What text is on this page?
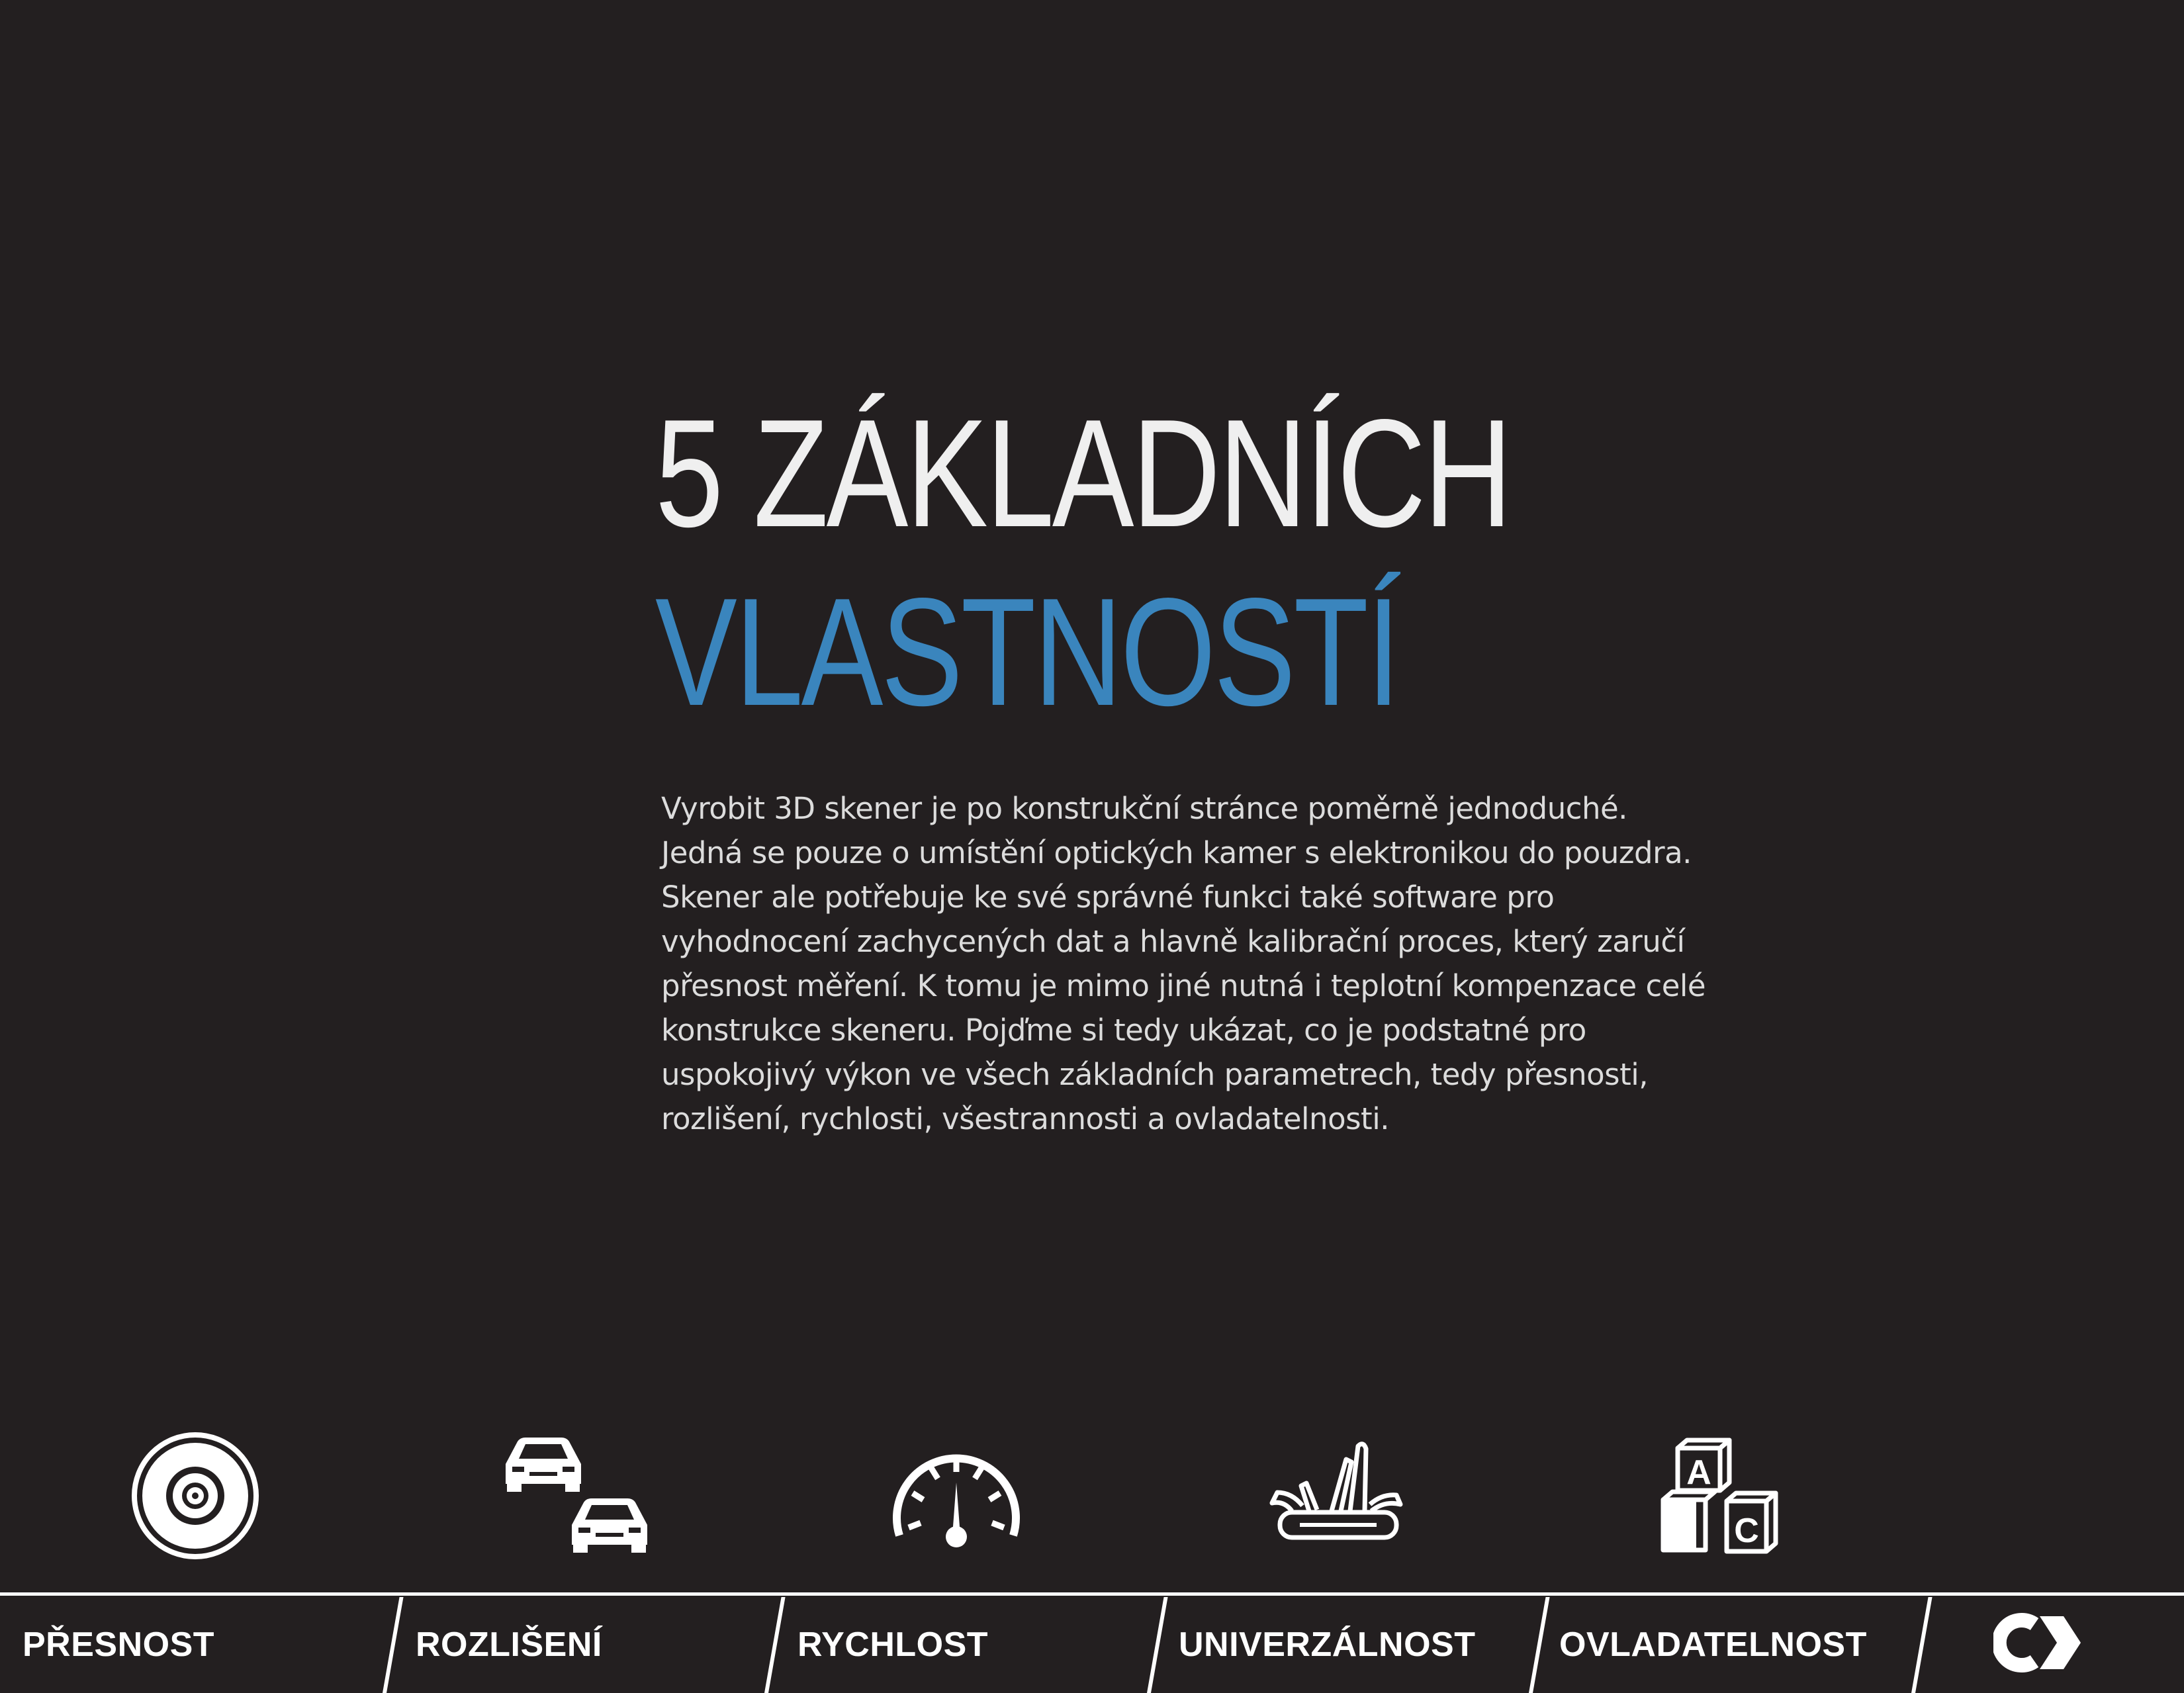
5 ZÁKLADNÍCH
VLASTNOSTÍ
Vyrobit 3D skener je po konstrukční stránce poměrně jednoduché.
Jedná se pouze o umístění optických kamer s elektronikou do pouzdra.
Skener ale potřebuje ke své správné funkci také software pro
vyhodnocení zachycených dat a hlavně kalibrační proces, který zaručí
přesnost měření. K tomu je mimo jiné nutná i teplotní kompenzace celé
konstrukce skeneru. Pojďme si tedy ukázat, co je podstatné pro
uspokojivý výkon ve všech základních parametrech, tedy přesnosti,
rozlišení, rychlosti, všestrannosti a ovladatelnosti.
A
C
PŘESNOST	ROZLIŠENÍ	RYCHLOST	UNIVERZÁLNOST OVLADATELNOST
